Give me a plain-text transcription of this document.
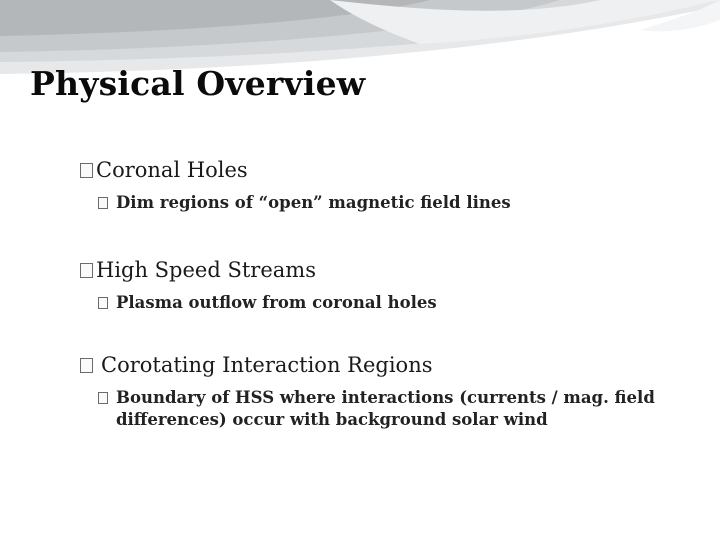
Physical Overview
Coronal Holes
Dim regions of “open” magnetic field lines
High Speed Streams
Plasma outflow from coronal holes
Corotating Interaction Regions
Boundary of HSS where interactions (currents / mag. field differences) occur with background solar wind
